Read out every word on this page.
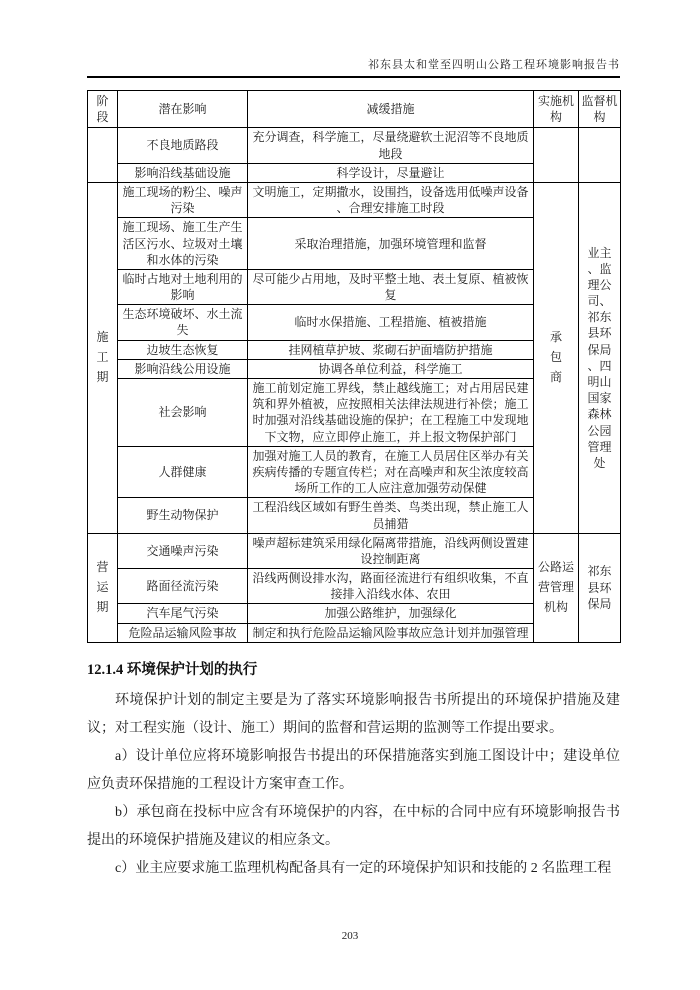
祁东县太和堂至四明山公路工程环境影响报告书
阶段	潜在影响	减缓措施	实施机构	监督机构
	不良地质路段	充分调查，科学施工，尽量绕避软土泥沼等不良地质地段		
	影响沿线基础设施	科学设计，尽量避让		
施工期	施工现场的粉尘、噪声污染	文明施工，定期撒水，设围挡，设备选用低噪声设备、合理安排施工时段	承包商	业主、监理公司、祁东县环保局、四明山国家森林公园管理处
	施工现场、施工生产生活区污水、垃圾对土壤和水体的污染	采取治理措施，加强环境管理和监督		
	临时占地对土地利用的影响	尽可能少占用地，及时平整土地、表土复原、植被恢复		
	生态环境破坏、水土流失	临时水保措施、工程措施、植被措施		
	边坡生态恢复	挂网植草护坡、浆砌石护面墙防护措施		
	影响沿线公用设施	协调各单位利益，科学施工		
	社会影响	施工前划定施工界线，禁止越线施工；对占用居民建筑和界外植被，应按照相关法律法规进行补偿；施工时加强对沿线基础设施的保护；在工程施工中发现地下文物，应立即停止施工，并上报文物保护部门		
	人群健康	加强对施工人员的教育，在施工人员居住区举办有关疾病传播的专题宣传栏；对在高噪声和灰尘浓度较高场所工作的工人应注意加强劳动保健		
	野生动物保护	工程沿线区域如有野生兽类、鸟类出现，禁止施工人员捕猎		
营运期	交通噪声污染	噪声超标建筑采用绿化隔离带措施，沿线两侧设置建设控制距离	公路运营管理机构	祁东县环保局
	路面径流污染	沿线两侧设排水沟，路面径流进行有组织收集，不直接排入沿线水体、农田		
	汽车尾气污染	加强公路维护，加强绿化		
	危险品运输风险事故	制定和执行危险品运输风险事故应急计划并加强管理		
12.1.4 环境保护计划的执行

环境保护计划的制定主要是为了落实环境影响报告书所提出的环境保护措施及建议；对工程实施（设计、施工）期间的监督和营运期的监测等工作提出要求。

a）设计单位应将环境影响报告书提出的环保措施落实到施工图设计中；建设单位应负责环保措施的工程设计方案审查工作。

b）承包商在投标中应含有环境保护的内容，在中标的合同中应有环境影响报告书提出的环境保护措施及建议的相应条文。

c）业主应要求施工监理机构配备具有一定的环境保护知识和技能的 2 名监理工程

203
